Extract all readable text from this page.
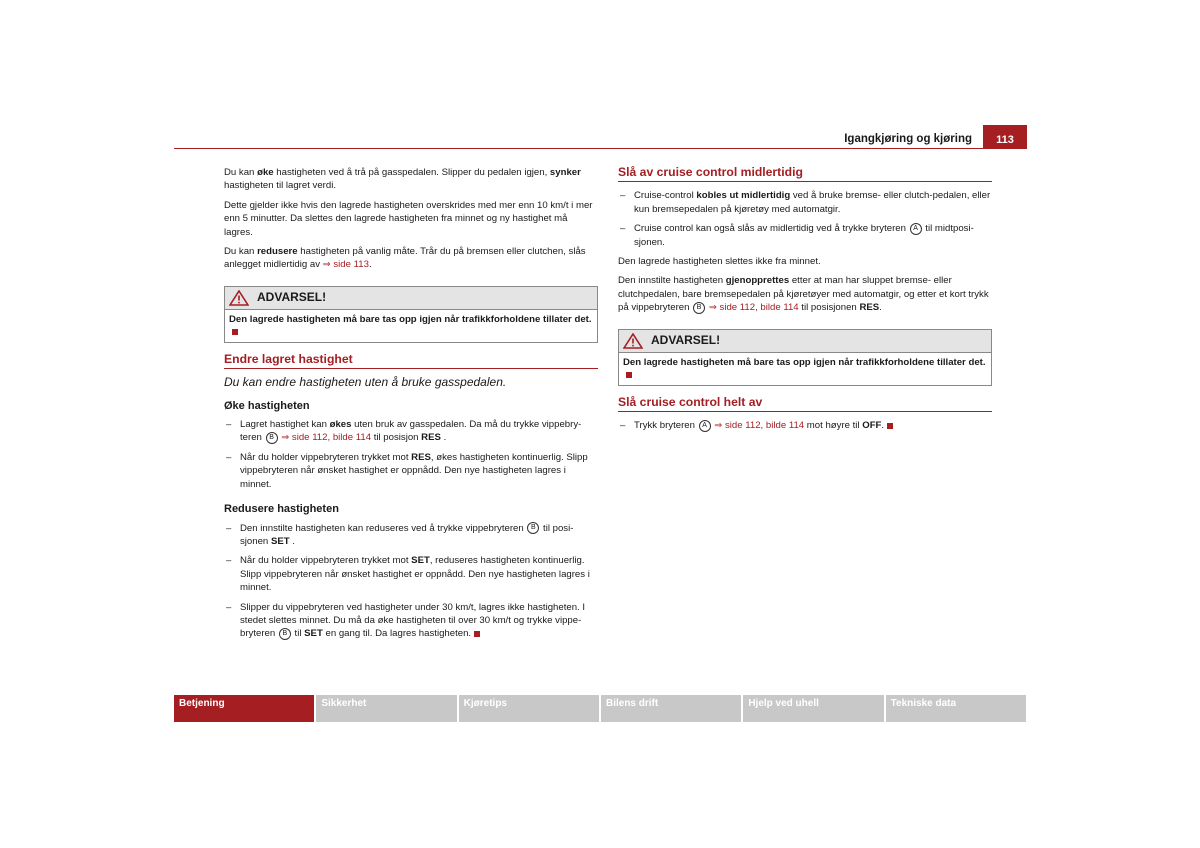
Igangkjøring og kjøring	113

Du kan øke hastigheten ved å trå på gasspedalen. Slipper du pedalen igjen, synker hastigheten til lagret verdi.

Dette gjelder ikke hvis den lagrede hastigheten overskrides med mer enn 10 km/t i mer enn 5 minutter. Da slettes den lagrede hastigheten fra minnet og ny hastighet må lagres.

Du kan redusere hastigheten på vanlig måte. Trår du på bremsen eller clutchen, slås anlegget midlertidig av ⇒ side 113.

ADVARSEL!
Den lagrede hastigheten må bare tas opp igjen når trafikkforholdene tillater det.
Endre lagret hastighet
Du kan endre hastigheten uten å bruke gasspedalen.
Øke hastigheten
– Lagret hastighet kan økes uten bruk av gasspedalen. Da må du trykke vippebryteren B ⇒ side 112, bilde 114 til posisjon RES .
– Når du holder vippebryteren trykket mot RES, økes hastigheten kontinuerlig. Slipp vippebryteren når ønsket hastighet er oppnådd. Den nye hastigheten lagres i minnet.
Redusere hastigheten
– Den innstilte hastigheten kan reduseres ved å trykke vippebryteren B til posisjonen SET .
– Når du holder vippebryteren trykket mot SET, reduseres hastigheten kontinuerlig. Slipp vippebryteren når ønsket hastighet er oppnådd. Den nye hastigheten lagres i minnet.
– Slipper du vippebryteren ved hastigheter under 30 km/t, lagres ikke hastigheten. I stedet slettes minnet. Du må da øke hastigheten til over 30 km/t og trykke vippebryteren B til SET en gang til. Da lagres hastigheten.
Slå av cruise control midlertidig
– Cruise-control kobles ut midlertidig ved å bruke bremse- eller clutch-pedalen, eller kun bremsepedalen på kjøretøy med automatgir.
– Cruise control kan også slås av midlertidig ved å trykke bryteren A til midtposisjonen.

Den lagrede hastigheten slettes ikke fra minnet.

Den innstilte hastigheten gjenopprettes etter at man har sluppet bremse- eller clutchpedalen, bare bremsepedalen på kjøretøyer med automatgir, og etter et kort trykk på vippebryteren B ⇒ side 112, bilde 114 til posisjonen RES.

ADVARSEL!
Den lagrede hastigheten må bare tas opp igjen når trafikkforholdene tillater det.
Slå cruise control helt av
– Trykk bryteren A ⇒ side 112, bilde 114 mot høyre til OFF.
Betjening	Sikkerhet	Kjøretips	Bilens drift	Hjelp ved uhell	Tekniske data
